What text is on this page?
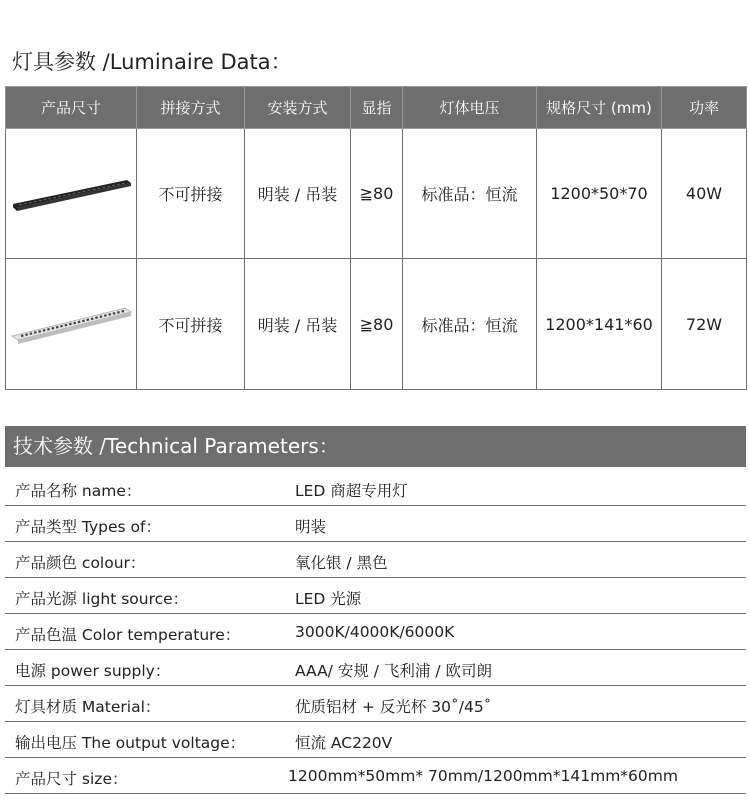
灯具参数 /Luminaire Data：
产品尺寸	拼接方式	安装方式	显指	灯体电压	规格尺寸 (mm)	功率

	不可拼接	明装 / 吊装	≧80	标准品：恒流	1200*50*70	40W

	不可拼接	明装 / 吊装	≧80	标准品：恒流	1200*141*60	72W
技术参数 /Technical Parameters：
产品名称 name：	LED 商超专用灯
产品类型 Types of：	明装
产品颜色 colour：	氧化银 / 黑色
产品光源 light source：	LED 光源
产品色温 Color temperature：	3000K/4000K/6000K
电源 power supply：	AAA/ 安规 / 飞利浦 / 欧司朗
灯具材质 Material：	优质铝材 + 反光杯 30˚/45˚
输出电压 The output voltage：	恒流 AC220V
产品尺寸 size：	1200mm*50mm* 70mm/1200mm*141mm*60mm
